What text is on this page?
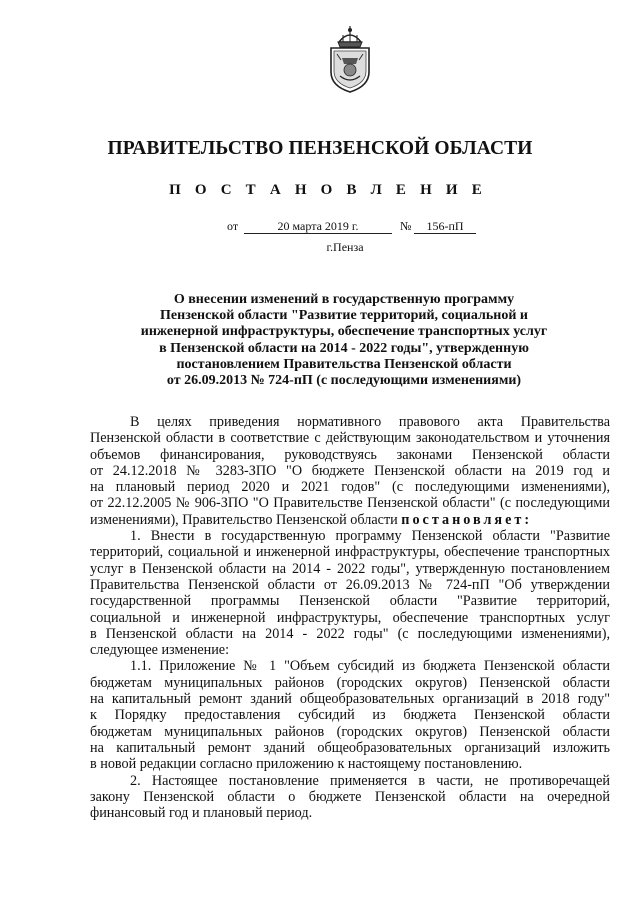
ПРАВИТЕЛЬСТВО ПЕНЗЕНСКОЙ ОБЛАСТИ
П О С Т А Н О В Л Е Н И Е
от	20 марта 2019 г.	№	156-пП
г.Пенза
О внесении изменений в государственную программу
Пензенской области "Развитие территорий, социальной и
инженерной инфраструктуры, обеспечение транспортных услуг
в Пензенской области на 2014 - 2022 годы", утвержденную
постановлением Правительства Пензенской области
от 26.09.2013 № 724-пП (с последующими изменениями)
В целях приведения нормативного правового акта Правительства
Пензенской области в соответствие с действующим законодательством и уточнения
объемов финансирования, руководствуясь законами Пензенской области
от 24.12.2018 № 3283-ЗПО "О бюджете Пензенской области на 2019 год и
на плановый период 2020 и 2021 годов" (с последующими изменениями),
от 22.12.2005 № 906-ЗПО "О Правительстве Пензенской области" (с последующими
изменениями), Правительство Пензенской области постановляет:
1. Внести в государственную программу Пензенской области "Развитие
территорий, социальной и инженерной инфраструктуры, обеспечение транспортных
услуг в Пензенской области на 2014 - 2022 годы", утвержденную постановлением
Правительства Пензенской области от 26.09.2013 № 724-пП "Об утверждении
государственной программы Пензенской области "Развитие территорий,
социальной и инженерной инфраструктуры, обеспечение транспортных услуг
в Пензенской области на 2014 - 2022 годы" (с последующими изменениями),
следующее изменение:
1.1. Приложение № 1 "Объем субсидий из бюджета Пензенской области
бюджетам муниципальных районов (городских округов) Пензенской области
на капитальный ремонт зданий общеобразовательных организаций в 2018 году"
к Порядку предоставления субсидий из бюджета Пензенской области
бюджетам муниципальных районов (городских округов) Пензенской области
на капитальный ремонт зданий общеобразовательных организаций изложить
в новой редакции согласно приложению к настоящему постановлению.
2. Настоящее постановление применяется в части, не противоречащей
закону Пензенской области о бюджете Пензенской области на очередной
финансовый год и плановый период.
